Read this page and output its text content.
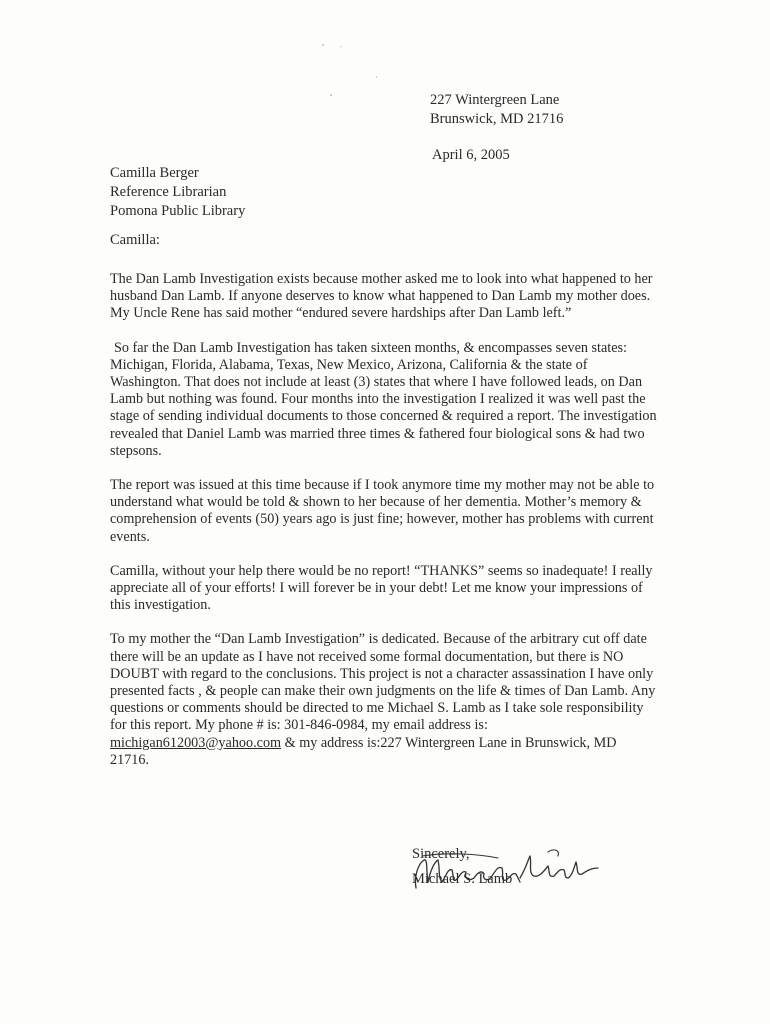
227 Wintergreen Lane
Brunswick, MD 21716
April 6, 2005
Camilla Berger
Reference Librarian
Pomona Public Library
Camilla:

The Dan Lamb Investigation exists because mother asked me to look into what happened to her husband Dan Lamb. If anyone deserves to know what happened to Dan Lamb my mother does. My Uncle Rene has said mother “endured severe hardships after Dan Lamb left.”

So far the Dan Lamb Investigation has taken sixteen months, & encompasses seven states: Michigan, Florida, Alabama, Texas, New Mexico, Arizona, California & the state of Washington. That does not include at least (3) states that where I have followed leads, on Dan Lamb but nothing was found. Four months into the investigation I realized it was well past the stage of sending individual documents to those concerned & required a report. The investigation revealed that Daniel Lamb was married three times & fathered four biological sons & had two stepsons.

The report was issued at this time because if I took anymore time my mother may not be able to understand what would be told & shown to her because of her dementia. Mother’s memory & comprehension of events (50) years ago is just fine; however, mother has problems with current events.

Camilla, without your help there would be no report! “THANKS” seems so inadequate! I really appreciate all of your efforts! I will forever be in your debt! Let me know your impressions of this investigation.

To my mother the “Dan Lamb Investigation” is dedicated. Because of the arbitrary cut off date there will be an update as I have not received some formal documentation, but there is NO DOUBT with regard to the conclusions. This project is not a character assassination I have only presented facts , & people can make their own judgments on the life & times of Dan Lamb. Any questions or comments should be directed to me Michael S. Lamb as I take sole responsibility for this report. My phone # is: 301-846-0984, my email address is: michigan612003@yahoo.com & my address is:227 Wintergreen Lane in Brunswick, MD 21716.

Sincerely,
Michael S. Lamb
